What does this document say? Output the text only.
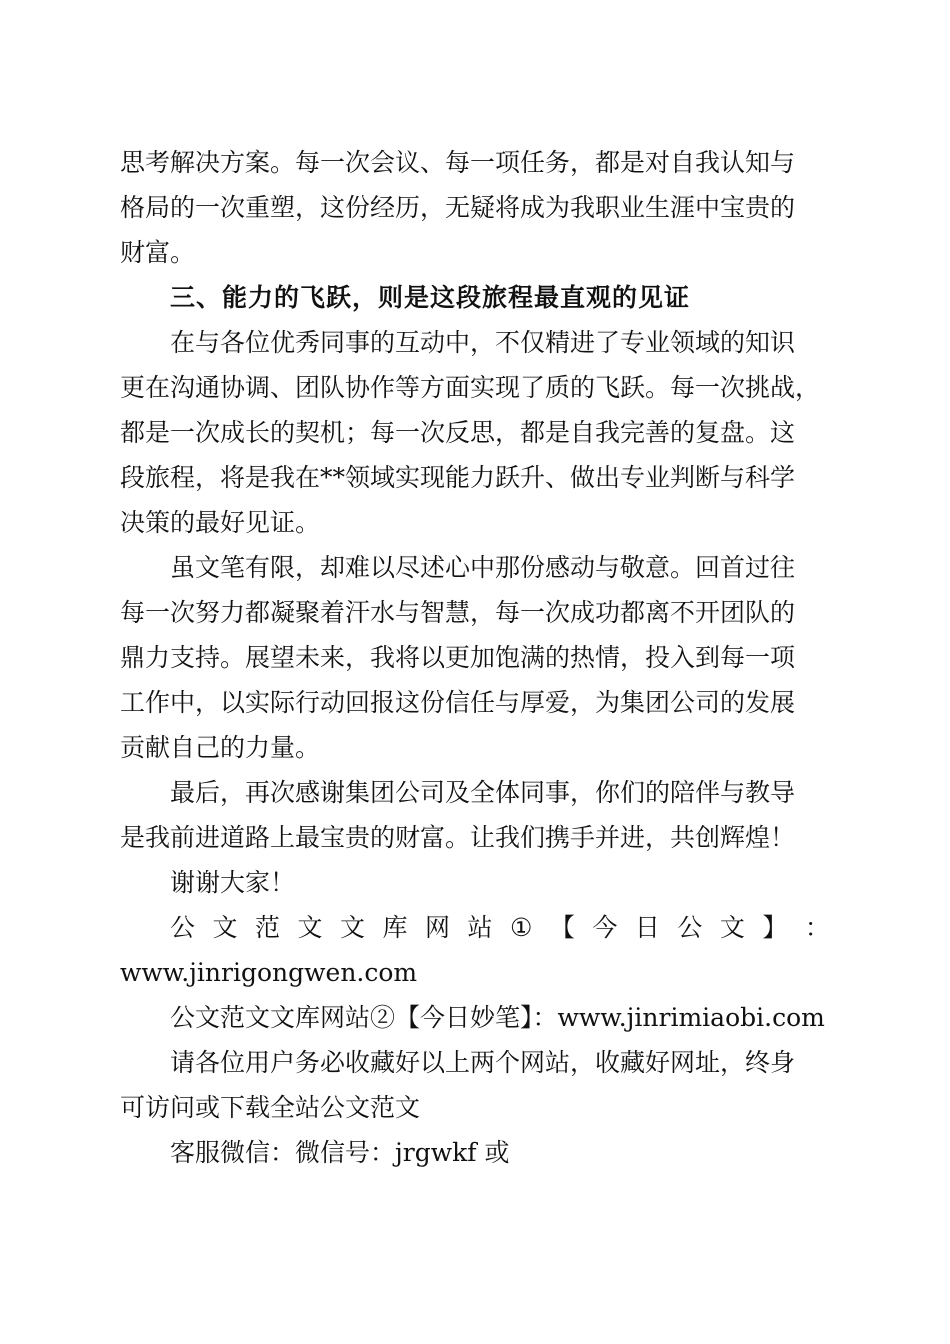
思考解决方案。每一次会议、每一项任务，都是对自我认知与
格局的一次重塑，这份经历，无疑将成为我职业生涯中宝贵的
财富。
三、能力的飞跃，则是这段旅程最直观的见证
在与各位优秀同事的互动中，不仅精进了专业领域的知识
更在沟通协调、团队协作等方面实现了质的飞跃。每一次挑战，
都是一次成长的契机；每一次反思，都是自我完善的复盘。这
段旅程，将是我在**领域实现能力跃升、做出专业判断与科学
决策的最好见证。
虽文笔有限，却难以尽述心中那份感动与敬意。回首过往
每一次努力都凝聚着汗水与智慧，每一次成功都离不开团队的
鼎力支持。展望未来，我将以更加饱满的热情，投入到每一项
工作中，以实际行动回报这份信任与厚爱，为集团公司的发展
贡献自己的力量。
最后，再次感谢集团公司及全体同事，你们的陪伴与教导
是我前进道路上最宝贵的财富。让我们携手并进，共创辉煌！
谢谢大家！
公 文 范 文 文 库 网 站 ① 【 今 日 公 文 】 ：
www.jinrigongwen.com
公文范文文库网站②【今日妙笔】：www.jinrimiaobi.com
请各位用户务必收藏好以上两个网站，收藏好网址，终身
可访问或下载全站公文范文
客服微信：微信号：jrgwkf 或
